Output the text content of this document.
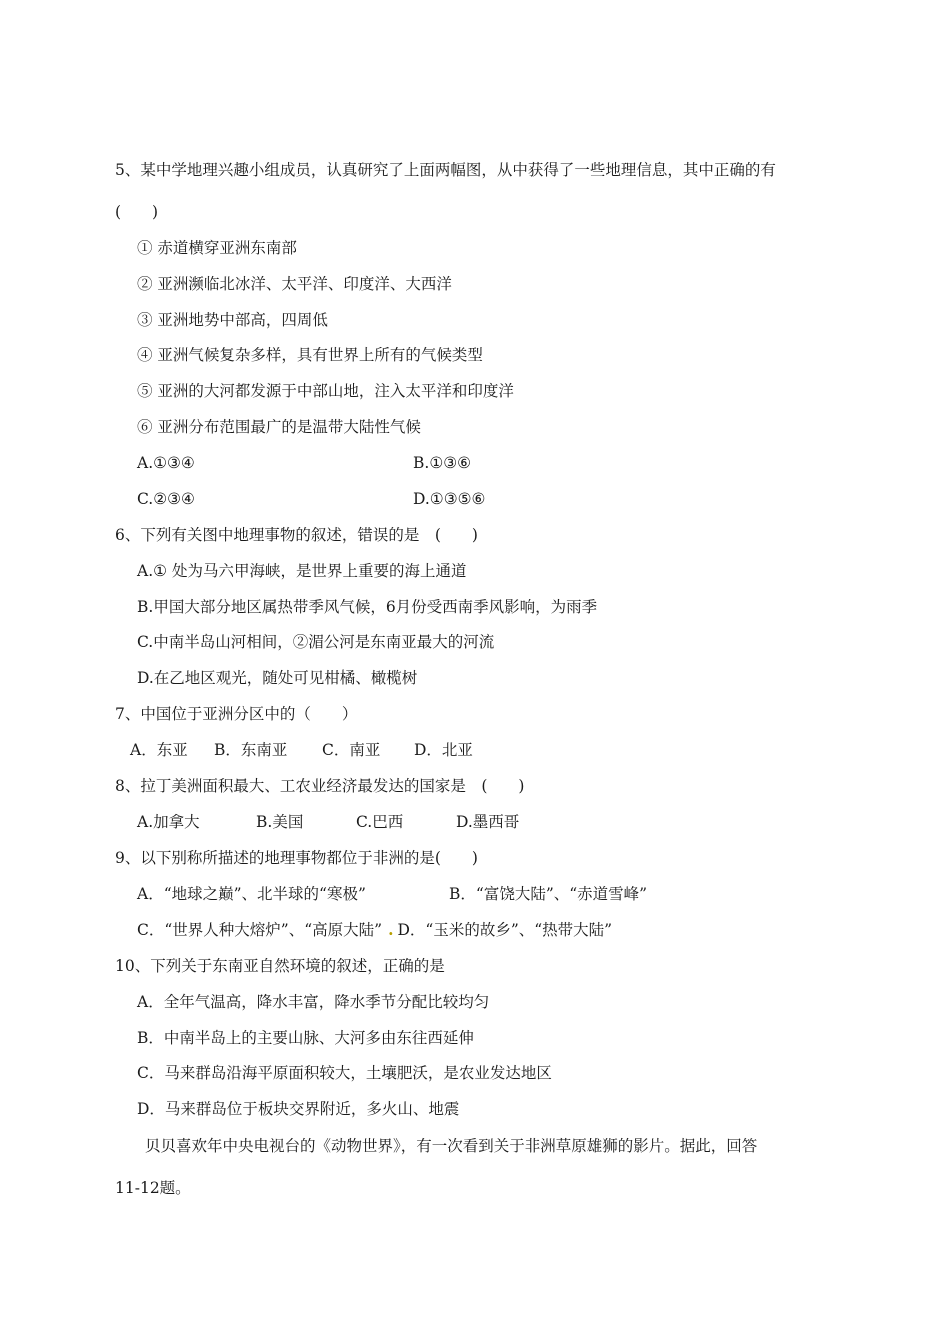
5、某中学地理兴趣小组成员，认真研究了上面两幅图，从中获得了一些地理信息，其中正确的有
(　　)
① 赤道横穿亚洲东南部
② 亚洲濒临北冰洋、太平洋、印度洋、大西洋
③ 亚洲地势中部高，四周低
④ 亚洲气候复杂多样，具有世界上所有的气候类型
⑤ 亚洲的大河都发源于中部山地，注入太平洋和印度洋
⑥ 亚洲分布范围最广的是温带大陆性气候
A.①③④	B.①③⑥
C.②③④	D.①③⑤⑥
6、下列有关图中地理事物的叙述，错误的是　(　　)
A.① 处为马六甲海峡，是世界上重要的海上通道
B.甲国大部分地区属热带季风气候，6月份受西南季风影响，为雨季
C.中南半岛山河相间，②湄公河是东南亚最大的河流
D.在乙地区观光，随处可见柑橘、橄榄树
7、中国位于亚洲分区中的（　　）
A．东亚 B．东南亚 C．南亚 D．北亚
8、拉丁美洲面积最大、工农业经济最发达的国家是　(　　)
A.加拿大	B.美国	C.巴西	D.墨西哥
9、以下别称所描述的地理事物都位于非洲的是(　　)
A．“地球之巅”、北半球的“寒极”	B．“富饶大陆”、“赤道雪峰”
C．“世界人种大熔炉”、“高原大陆” . D．“玉米的故乡”、“热带大陆”
10、下列关于东南亚自然环境的叙述，正确的是
A．全年气温高，降水丰富，降水季节分配比较均匀
B．中南半岛上的主要山脉、大河多由东往西延伸
C．马来群岛沿海平原面积较大，土壤肥沃，是农业发达地区
D．马来群岛位于板块交界附近，多火山、地震
贝贝喜欢年中央电视台的《动物世界》，有一次看到关于非洲草原雄狮的影片。据此，回答
11-12题。
